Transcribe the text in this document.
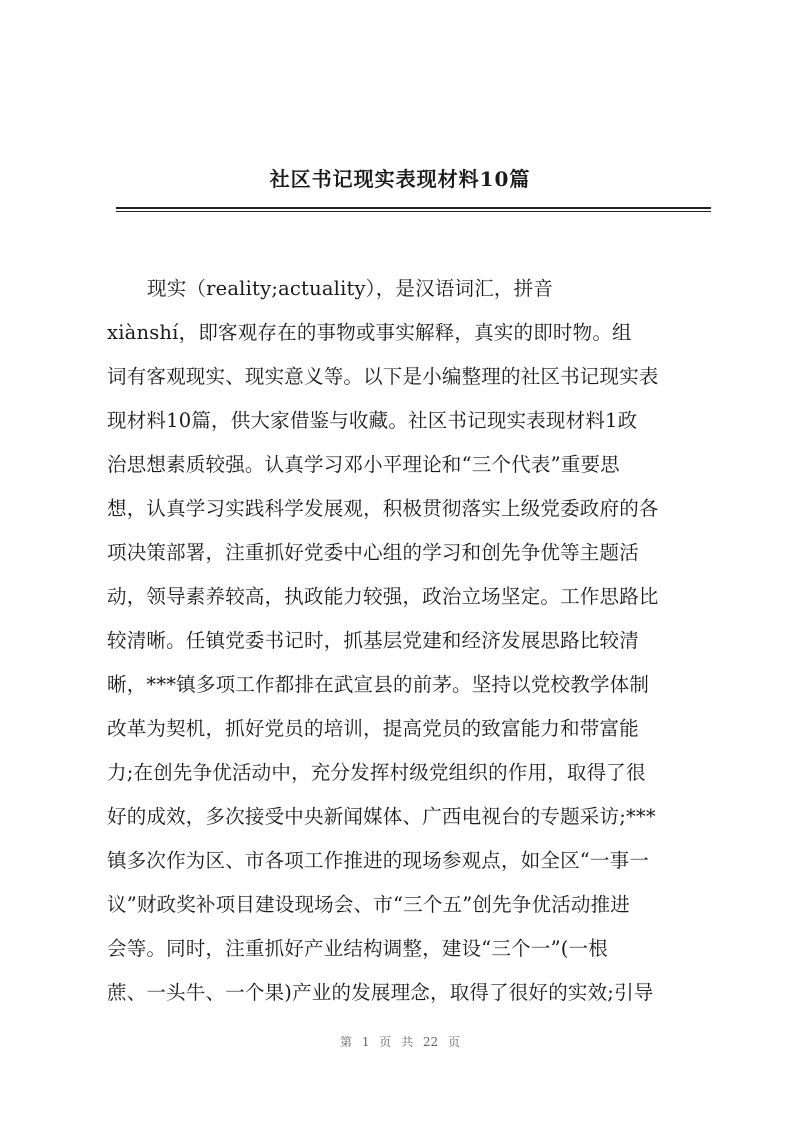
社区书记现实表现材料10篇
现实（reality;actuality），是汉语词汇，拼音
xiànshí，即客观存在的事物或事实解释，真实的即时物。组
词有客观现实、现实意义等。以下是小编整理的社区书记现实表
现材料10篇，供大家借鉴与收藏。社区书记现实表现材料1政
治思想素质较强。认真学习邓小平理论和“三个代表”重要思
想，认真学习实践科学发展观，积极贯彻落实上级党委政府的各
项决策部署，注重抓好党委中心组的学习和创先争优等主题活
动，领导素养较高，执政能力较强，政治立场坚定。工作思路比
较清晰。任镇党委书记时，抓基层党建和经济发展思路比较清
晰，***镇多项工作都排在武宣县的前茅。坚持以党校教学体制
改革为契机，抓好党员的培训，提高党员的致富能力和带富能
力;在创先争优活动中，充分发挥村级党组织的作用，取得了很
好的成效，多次接受中央新闻媒体、广西电视台的专题采访;***
镇多次作为区、市各项工作推进的现场参观点，如全区“一事一
议”财政奖补项目建设现场会、市“三个五”创先争优活动推进
会等。同时，注重抓好产业结构调整，建设“三个一”(一根
蔗、一头牛、一个果)产业的发展理念，取得了很好的实效;引导
第 1 页 共 22 页
